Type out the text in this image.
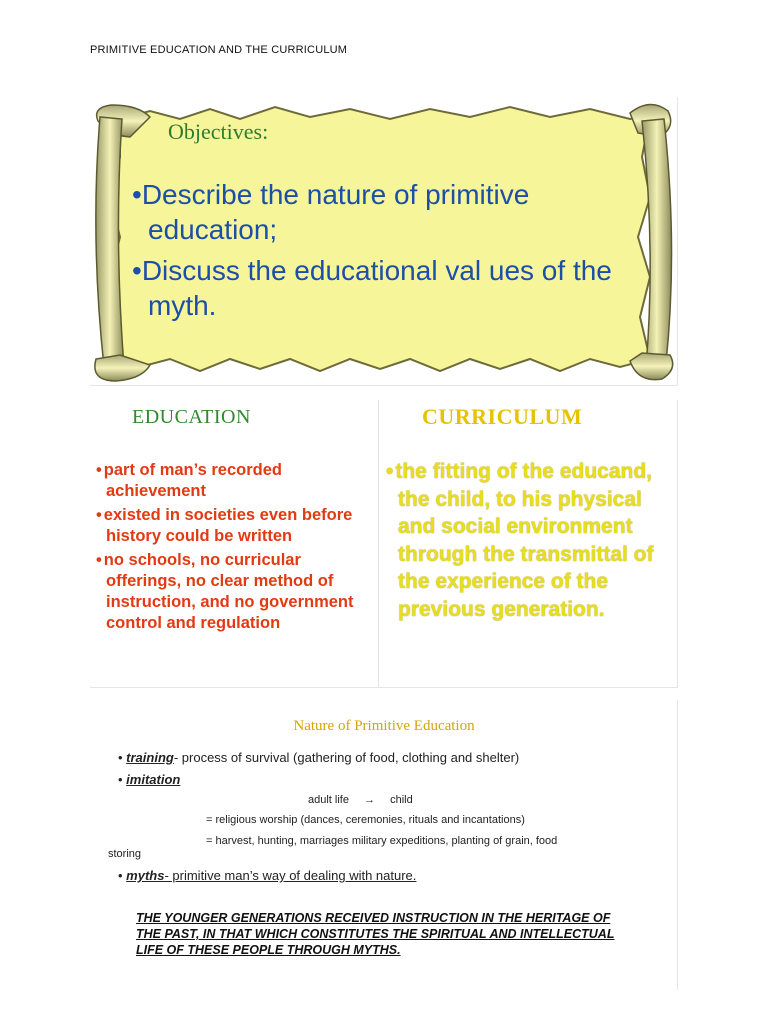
PRIMITIVE EDUCATION AND THE CURRICULUM
Objectives:
• Describe the nature of primitive education;
• Discuss the educational val ues of the myth.
EDUCATION
• part of man’s recorded achievement
• existed in societies even before history could be written
• no schools, no curricular offerings, no clear method of instruction, and no government control and regulation
CURRICULUM
• the fitting of the educand, the child, to his physical and social environment through the transmittal of the experience of the previous generation.
Nature of Primitive Education
• training- process of survival (gathering of food, clothing and shelter)
• imitation
adult life → child
= religious worship (dances, ceremonies, rituals and incantations)
= harvest, hunting, marriages military expeditions, planting of grain, food
storing
• myths- primitive man’s way of dealing with nature.
THE YOUNGER GENERATIONS RECEIVED INSTRUCTION IN THE HERITAGE OF THE PAST, IN THAT WHICH CONSTITUTES THE SPIRITUAL AND INTELLECTUAL LIFE OF THESE PEOPLE THROUGH MYTHS.
